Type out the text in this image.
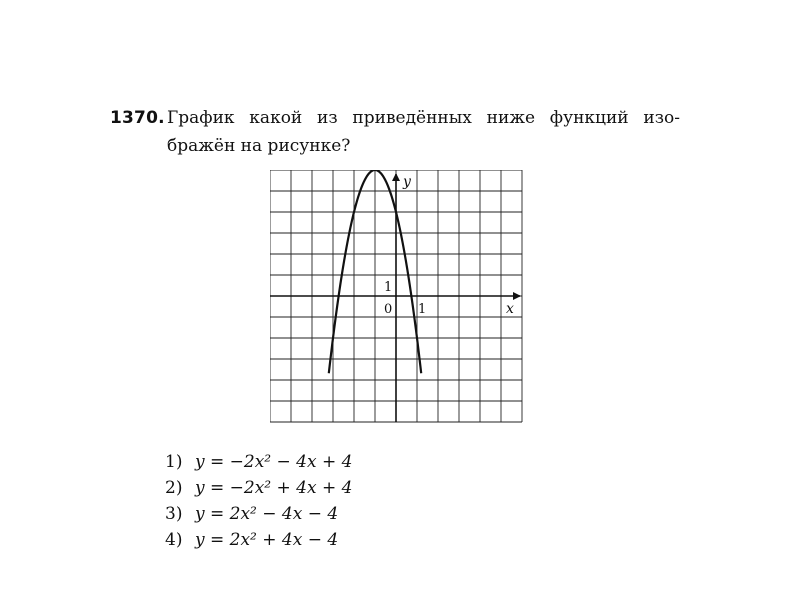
1370. График какой из приведённых ниже функций изо-
бражён на рисунке?
y
x
1
0 1
1) y = −2x² − 4x + 4
2) y = −2x² + 4x + 4
3) y = 2x² − 4x − 4
4) y = 2x² + 4x − 4
